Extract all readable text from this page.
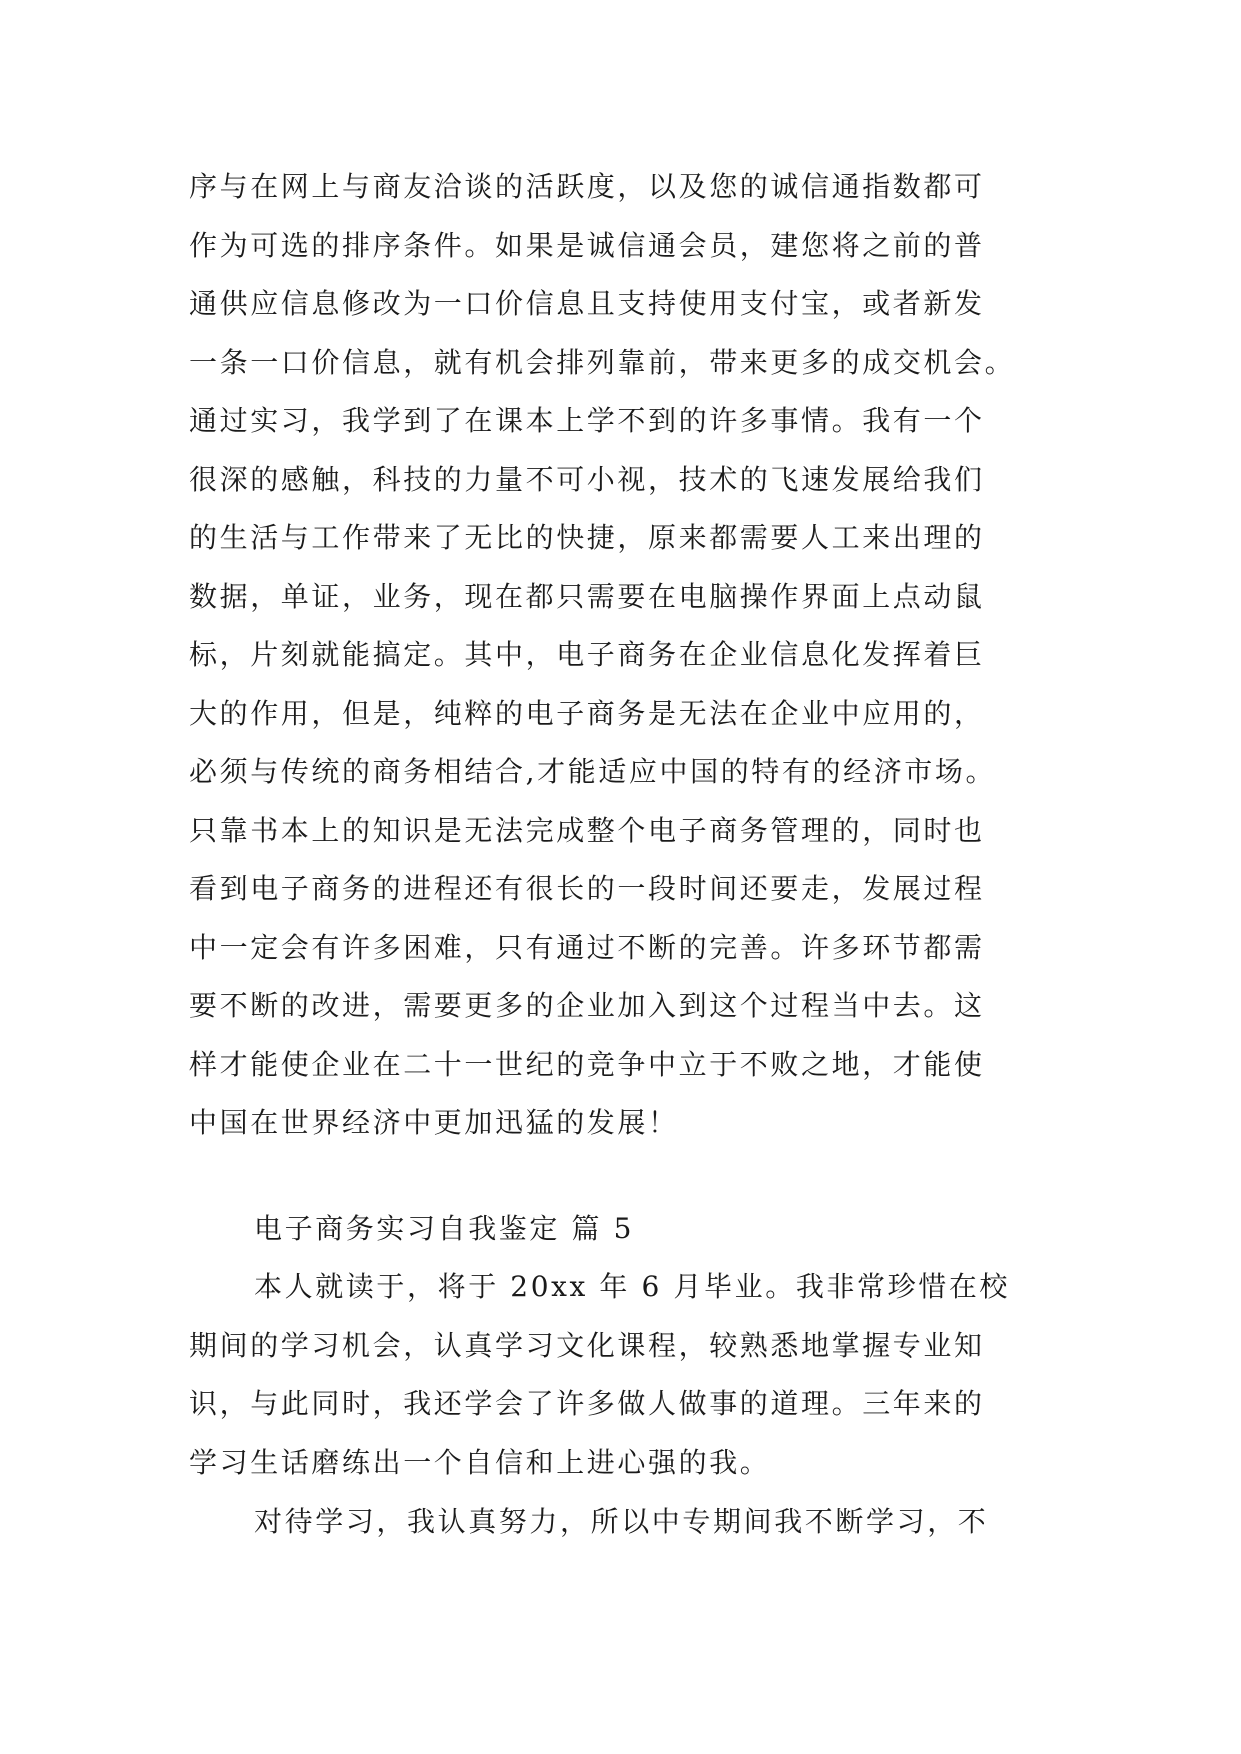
序与在网上与商友洽谈的活跃度，以及您的诚信通指数都可
作为可选的排序条件。如果是诚信通会员，建您将之前的普
通供应信息修改为一口价信息且支持使用支付宝，或者新发
一条一口价信息，就有机会排列靠前，带来更多的成交机会。
通过实习，我学到了在课本上学不到的许多事情。我有一个
很深的感触，科技的力量不可小视，技术的飞速发展给我们
的生活与工作带来了无比的快捷，原来都需要人工来出理的
数据，单证，业务，现在都只需要在电脑操作界面上点动鼠
标，片刻就能搞定。其中，电子商务在企业信息化发挥着巨
大的作用，但是，纯粹的电子商务是无法在企业中应用的，
必须与传统的商务相结合,才能适应中国的特有的经济市场。
只靠书本上的知识是无法完成整个电子商务管理的，同时也
看到电子商务的进程还有很长的一段时间还要走，发展过程
中一定会有许多困难，只有通过不断的完善。许多环节都需
要不断的改进，需要更多的企业加入到这个过程当中去。这
样才能使企业在二十一世纪的竞争中立于不败之地，才能使
中国在世界经济中更加迅猛的发展！
电子商务实习自我鉴定 篇 5
本人就读于，将于 20xx 年 6 月毕业。我非常珍惜在校
期间的学习机会，认真学习文化课程，较熟悉地掌握专业知
识，与此同时，我还学会了许多做人做事的道理。三年来的
学习生话磨练出一个自信和上进心强的我。
对待学习，我认真努力，所以中专期间我不断学习，不
